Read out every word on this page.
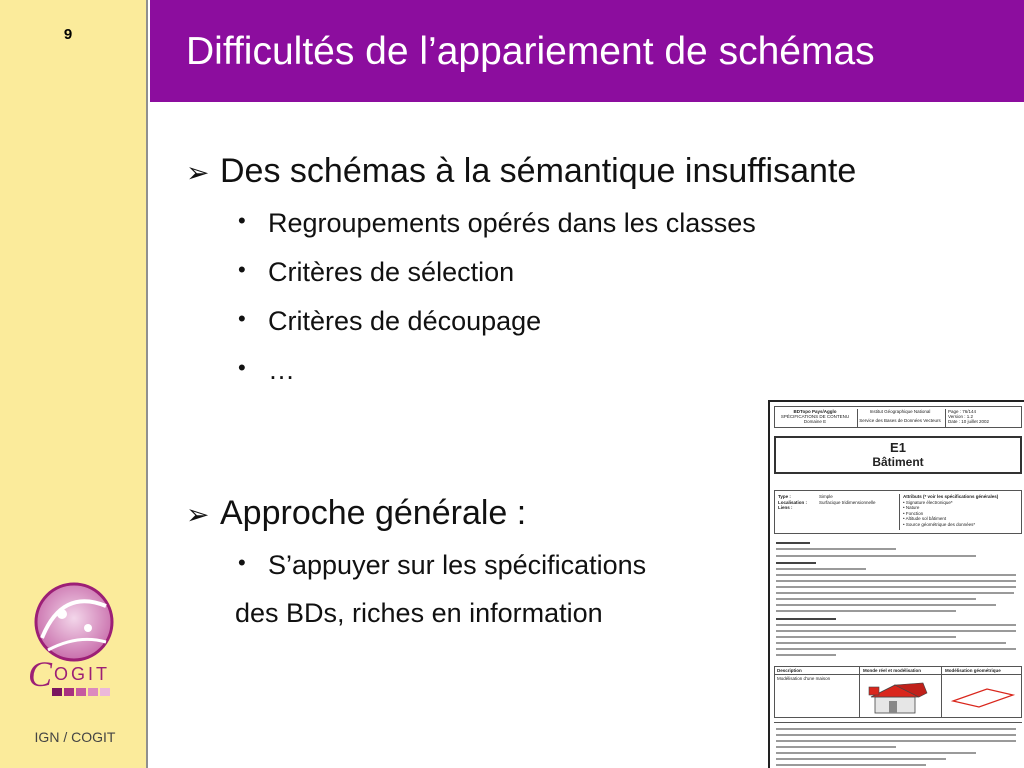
9
C OGIT
IGN / COGIT
Difficultés de l’appariement de schémas
➢ Des schémas à la sémantique insuffisante
• Regroupements opérés dans les classes
• Critères de sélection
• Critères de découpage
• …
➢ Approche générale :
• S’appuyer sur les spécifications
des BDs, riches en information
BDTopo Pays/Agglo
SPÉCIFICATIONS DE CONTENU
Domaine E
Institut Géographique National
Service des Bases de Données Vecteurs
Page : 76/144
Version : 1.2
Date : 10 juillet 2002
E1
Bâtiment
Type :
Localisation :
Liens :
Simple
Surfacique tridimensionnelle
Attributs (* voir les spécifications générales)
• Signature électronique*
• Nature
• Fonction
• Altitude sol bâtiment
• Source géométrique des données*
Description	Monde réel et modélisation	Modélisation géométrique
Modélisation d'une maison
